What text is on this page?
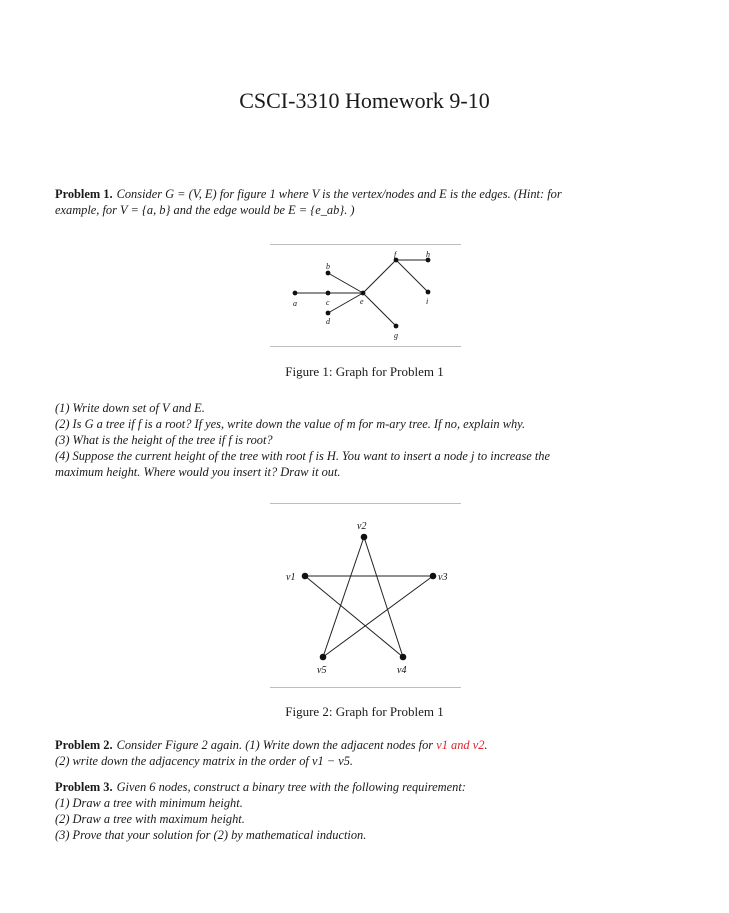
CSCI-3310 Homework 9-10
Problem 1. Consider G = (V, E) for figure 1 where V is the vertex/nodes and E is the edges. (Hint: for
example, for V = {a, b} and the edge would be E = {e_ab}. )
a
b
c
d
e
f
g
h
i
Figure 1: Graph for Problem 1
(1) Write down set of V and E.
(2) Is G a tree if f is a root? If yes, write down the value of m for m-ary tree. If no, explain why.
(3) What is the height of the tree if f is root?
(4) Suppose the current height of the tree with root f is H. You want to insert a node j to increase the
maximum height. Where would you insert it? Draw it out.
v2
v1	v3
v5	v4
Figure 2: Graph for Problem 1
Problem 2. Consider Figure 2 again. (1) Write down the adjacent nodes for v1 and v2.
(2) write down the adjacency matrix in the order of v1 − v5.
Problem 3. Given 6 nodes, construct a binary tree with the following requirement:
(1) Draw a tree with minimum height.
(2) Draw a tree with maximum height.
(3) Prove that your solution for (2) by mathematical induction.
